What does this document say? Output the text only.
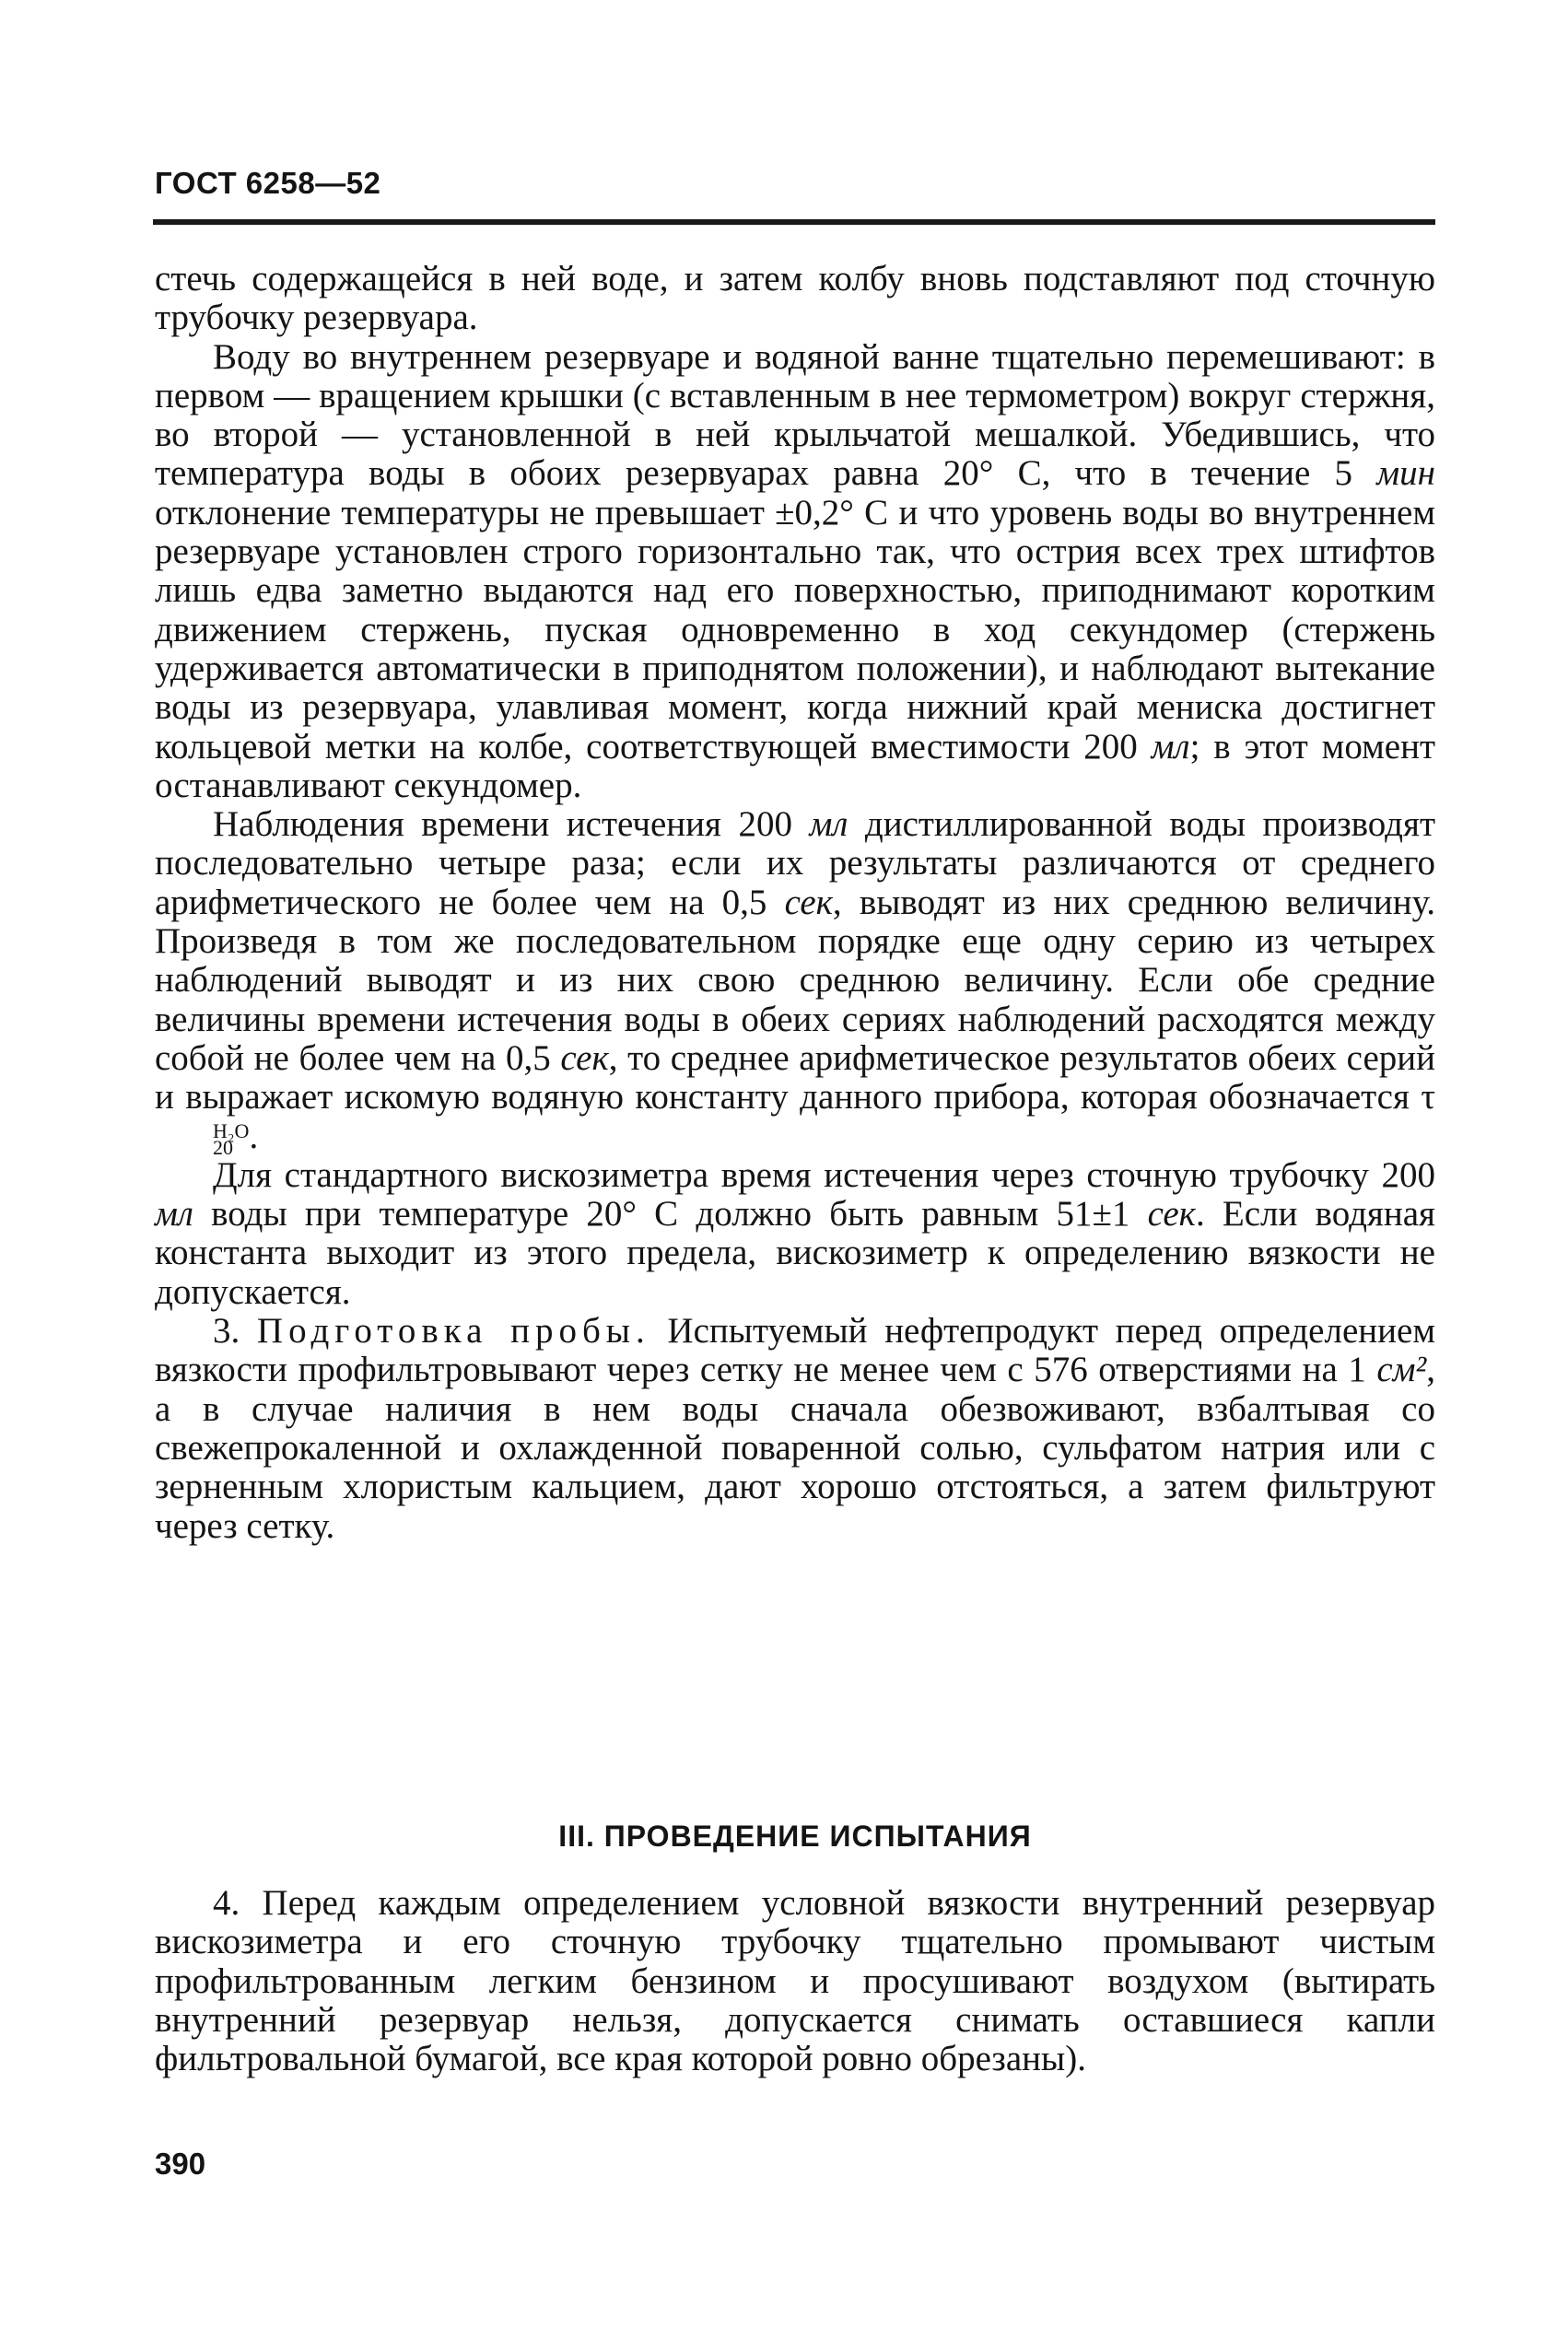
ГОСТ 6258—52

стечь содержащейся в ней воде, и затем колбу вновь подставляют под сточную трубочку резервуара.

Воду во внутреннем резервуаре и водяной ванне тщательно перемешивают: в первом — вращением крышки (с вставленным в нее термометром) вокруг стержня, во второй — установленной в ней крыльчатой мешалкой. Убедившись, что температура воды в обоих резервуарах равна 20° С, что в течение 5 мин отклонение температуры не превышает ±0,2° С и что уровень воды во внутреннем резервуаре установлен строго горизонтально так, что острия всех трех штифтов лишь едва заметно выдаются над его поверхностью, приподнимают коротким движением стержень, пуская одновременно в ход секундомер (стержень удерживается автоматически в приподнятом положении), и наблюдают вытекание воды из резервуара, улавливая момент, когда нижний край мениска достигнет кольцевой метки на колбе, соответствующей вместимости 200 мл; в этот момент останавливают секундомер.

Наблюдения времени истечения 200 мл дистиллированной воды производят последовательно четыре раза; если их результаты различаются от среднего арифметического не более чем на 0,5 сек, выводят из них среднюю величину. Произведя в том же последовательном порядке еще одну серию из четырех наблюдений выводят и из них свою среднюю величину. Если обе средние величины времени истечения воды в обеих сериях наблюдений расходятся между собой не более чем на 0,5 сек, то среднее арифметическое результатов обеих серий и выражает искомую водяную константу данного прибора, которая обозначается τ
H₂O
20 .

Для стандартного вискозиметра время истечения через сточную трубочку 200 мл воды при температуре 20° С должно быть равным 51±1 сек. Если водяная константа выходит из этого предела, вискозиметр к определению вязкости не допускается.

3. Подготовка пробы. Испытуемый нефтепродукт перед определением вязкости профильтровывают через сетку не менее чем с 576 отверстиями на 1 см², а в случае наличия в нем воды сначала обезвоживают, взбалтывая со свежепрокаленной и охлажденной поваренной солью, сульфатом натрия или с зерненным хлористым кальцием, дают хорошо отстояться, а затем фильтруют через сетку.

III. ПРОВЕДЕНИЕ ИСПЫТАНИЯ

4. Перед каждым определением условной вязкости внутренний резервуар вискозиметра и его сточную трубочку тщательно промывают чистым профильтрованным легким бензином и просушивают воздухом (вытирать внутренний резервуар нельзя, допускается снимать оставшиеся капли фильтровальной бумагой, все края которой ровно обрезаны).

390
